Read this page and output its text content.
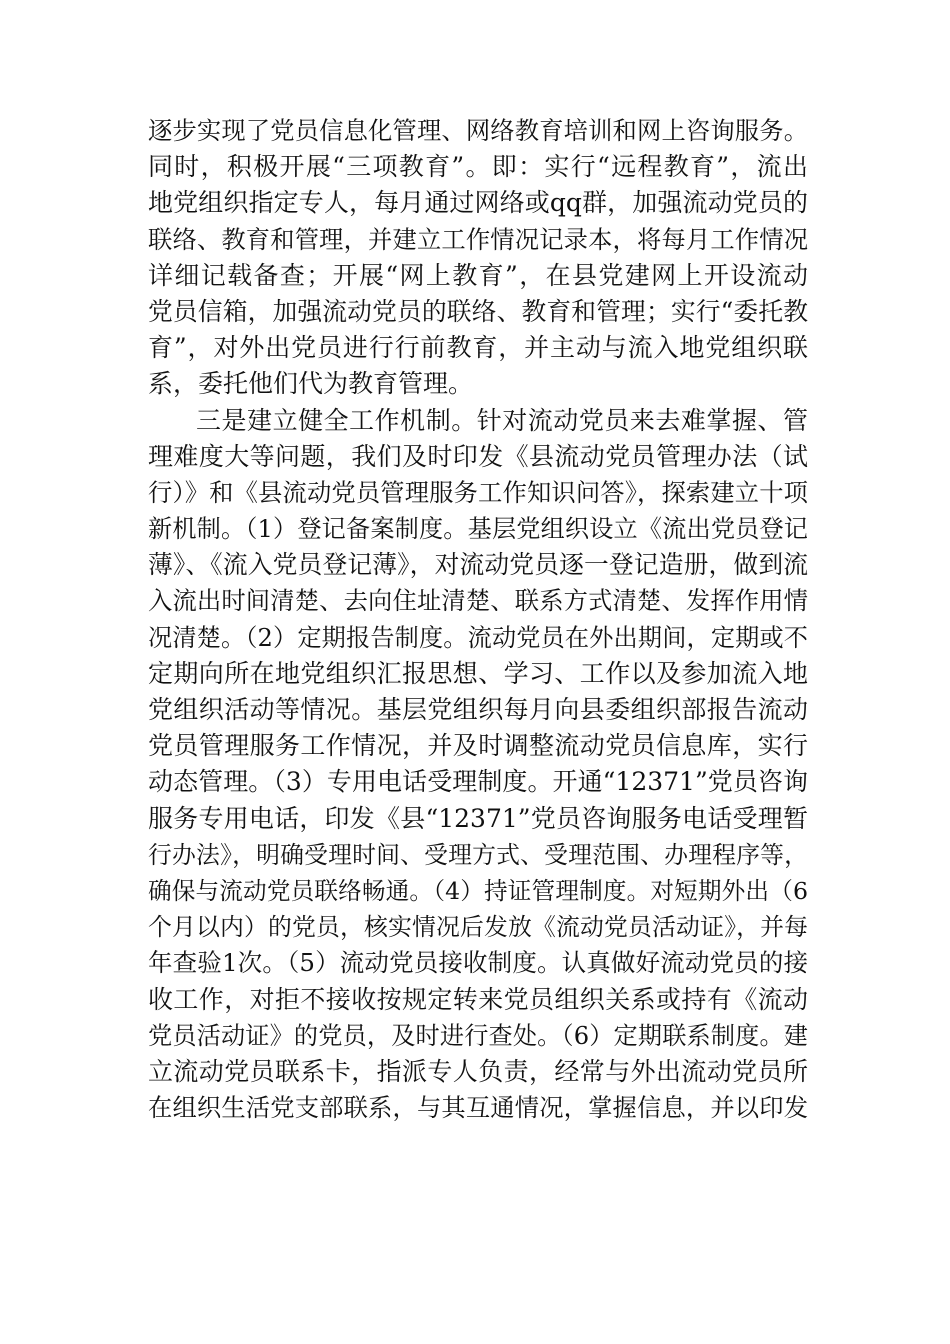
逐步实现了党员信息化管理、网络教育培训和网上咨询服务。
同时，积极开展“三项教育”。即：实行“远程教育”，流出
地党组织指定专人，每月通过网络或qq群，加强流动党员的
联络、教育和管理，并建立工作情况记录本，将每月工作情况
详细记载备查；开展“网上教育”，在县党建网上开设流动
党员信箱，加强流动党员的联络、教育和管理；实行“委托教
育”，对外出党员进行行前教育，并主动与流入地党组织联
系，委托他们代为教育管理。
三是建立健全工作机制。针对流动党员来去难掌握、管
理难度大等问题，我们及时印发《县流动党员管理办法（试
行）》和《县流动党员管理服务工作知识问答》，探索建立十项
新机制。（1）登记备案制度。基层党组织设立《流出党员登记
薄》、《流入党员登记薄》，对流动党员逐一登记造册，做到流
入流出时间清楚、去向住址清楚、联系方式清楚、发挥作用情
况清楚。（2）定期报告制度。流动党员在外出期间，定期或不
定期向所在地党组织汇报思想、学习、工作以及参加流入地
党组织活动等情况。基层党组织每月向县委组织部报告流动
党员管理服务工作情况，并及时调整流动党员信息库，实行
动态管理。（3）专用电话受理制度。开通“12371”党员咨询
服务专用电话，印发《县“12371”党员咨询服务电话受理暂
行办法》，明确受理时间、受理方式、受理范围、办理程序等，
确保与流动党员联络畅通。（4）持证管理制度。对短期外出（6
个月以内）的党员，核实情况后发放《流动党员活动证》，并每
年查验1次。（5）流动党员接收制度。认真做好流动党员的接
收工作，对拒不接收按规定转来党员组织关系或持有《流动
党员活动证》的党员，及时进行查处。（6）定期联系制度。建
立流动党员联系卡，指派专人负责，经常与外出流动党员所
在组织生活党支部联系，与其互通情况，掌握信息，并以印发
